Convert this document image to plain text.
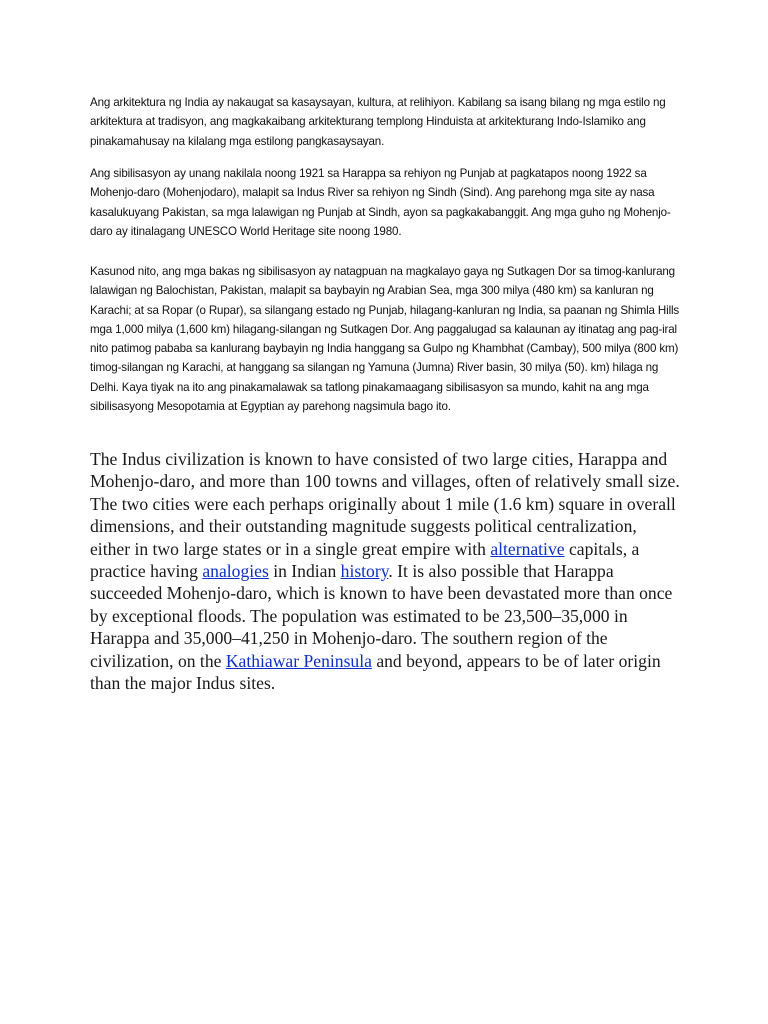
Ang arkitektura ng India ay nakaugat sa kasaysayan, kultura, at relihiyon. Kabilang sa isang bilang ng mga estilo ng arkitektura at tradisyon, ang magkakaibang arkitekturang templong Hinduista at arkitekturang Indo-Islamiko ang pinakamahusay na kilalang mga estilong pangkasaysayan.

Ang sibilisasyon ay unang nakilala noong 1921 sa Harappa sa rehiyon ng Punjab at pagkatapos noong 1922 sa Mohenjo-daro (Mohenjodaro), malapit sa Indus River sa rehiyon ng Sindh (Sind). Ang parehong mga site ay nasa kasalukuyang Pakistan, sa mga lalawigan ng Punjab at Sindh, ayon sa pagkakabanggit. Ang mga guho ng Mohenjo-daro ay itinalagang UNESCO World Heritage site noong 1980.

Kasunod nito, ang mga bakas ng sibilisasyon ay natagpuan na magkalayo gaya ng Sutkagen Dor sa timog-kanlurang lalawigan ng Balochistan, Pakistan, malapit sa baybayin ng Arabian Sea, mga 300 milya (480 km) sa kanluran ng Karachi; at sa Ropar (o Rupar), sa silangang estado ng Punjab, hilagang-kanluran ng India, sa paanan ng Shimla Hills mga 1,000 milya (1,600 km) hilagang-silangan ng Sutkagen Dor. Ang paggalugad sa kalaunan ay itinatag ang pag-iral nito patimog pababa sa kanlurang baybayin ng India hanggang sa Gulpo ng Khambhat (Cambay), 500 milya (800 km) timog-silangan ng Karachi, at hanggang sa silangan ng Yamuna (Jumna) River basin, 30 milya (50). km) hilaga ng Delhi. Kaya tiyak na ito ang pinakamalawak sa tatlong pinakamaagang sibilisasyon sa mundo, kahit na ang mga sibilisasyong Mesopotamia at Egyptian ay parehong nagsimula bago ito.

The Indus civilization is known to have consisted of two large cities, Harappa and Mohenjo-daro, and more than 100 towns and villages, often of relatively small size. The two cities were each perhaps originally about 1 mile (1.6 km) square in overall dimensions, and their outstanding magnitude suggests political centralization, either in two large states or in a single great empire with alternative capitals, a practice having analogies in Indian history. It is also possible that Harappa succeeded Mohenjo-daro, which is known to have been devastated more than once by exceptional floods. The population was estimated to be 23,500–35,000 in Harappa and 35,000–41,250 in Mohenjo-daro. The southern region of the civilization, on the Kathiawar Peninsula and beyond, appears to be of later origin than the major Indus sites.
